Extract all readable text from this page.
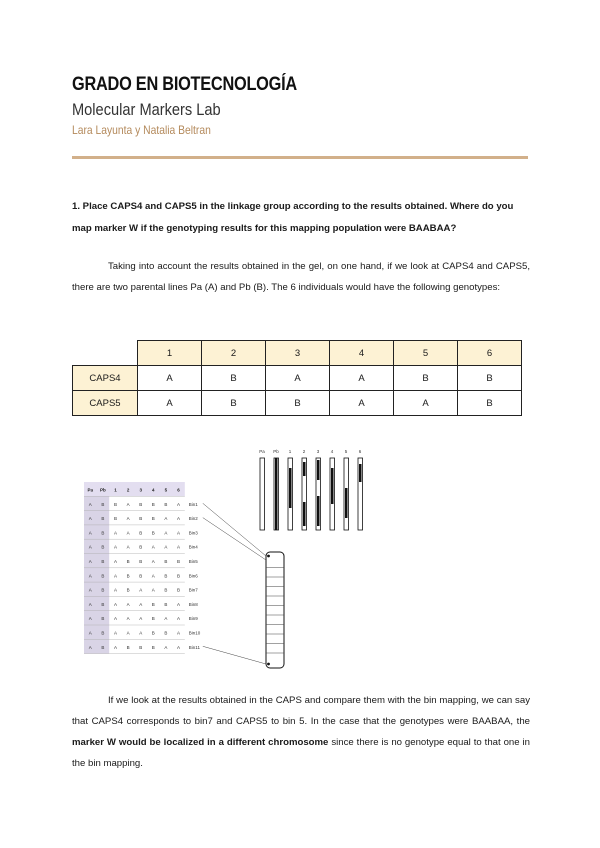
GRADO EN BIOTECNOLOGÍA
Molecular Markers Lab
Lara Layunta y Natalia Beltran
1. Place CAPS4 and CAPS5 in the linkage group according to the results obtained. Where do you map marker W if the genotyping results for this mapping population were BAABAA?
Taking into account the results obtained in the gel, on one hand, if we look at CAPS4 and CAPS5, there are two parental lines Pa (A) and Pb (B). The 6 individuals would have the following genotypes:
	1	2	3	4	5	6
CAPS4	A	B	A	A	B	B
CAPS5	A	B	B	A	A	B
Pa Pb 1	2	3	4	5	6
Pa Pb 1 2 3 4 5 6
A B B A B B B A Bin1
A B B A B B A A Bin2
A B A A B B A A Bin3
A B A A B A A A Bin4
A B A B B A B B Bin5
A B A B B A B B Bin6
A B A B A A B B Bin7
A B A A A B B A Bin8
A B A A A B A A Bin9
A B A A A B B A Bin10
A B A B B B A A Bin11
If we look at the results obtained in the CAPS and compare them with the bin mapping, we can say that CAPS4 corresponds to bin7 and CAPS5 to bin 5. In the case that the genotypes were BAABAA, the marker W would be localized in a different chromosome since there is no genotype equal to that one in the bin mapping.
